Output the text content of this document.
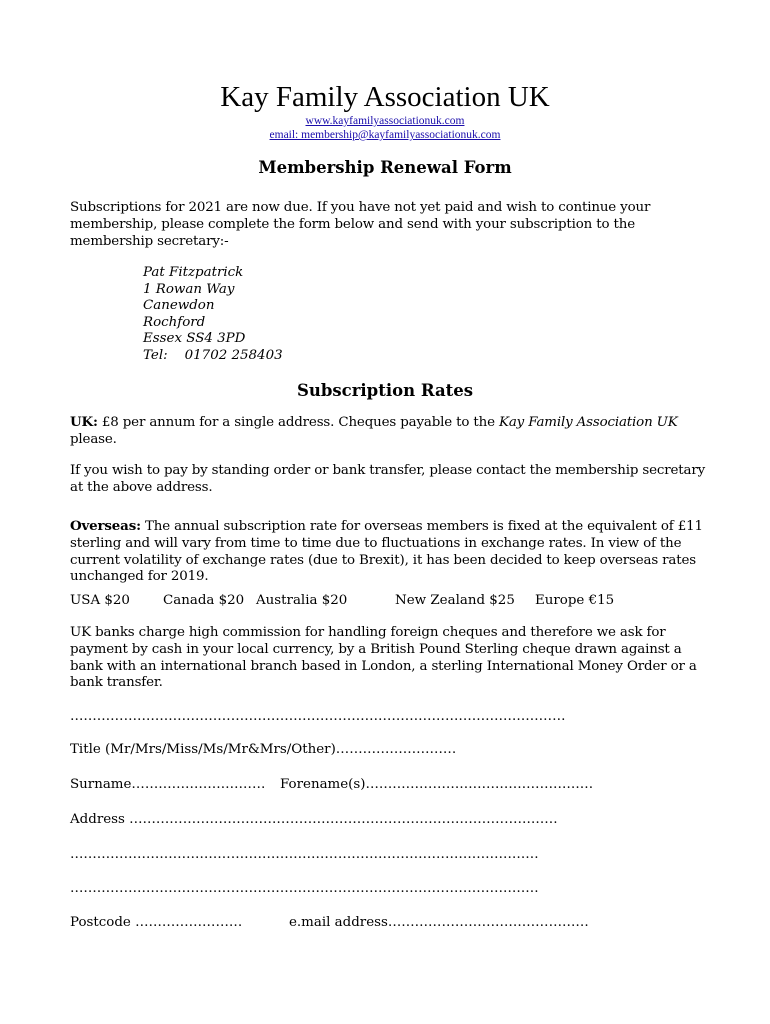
Kay Family Association UK
www.kayfamilyassociationuk.com
email: membership@kayfamilyassociationuk.com
Membership Renewal Form
Subscriptions for 2021 are now due. If you have not yet paid and wish to continue your membership, please complete the form below and send with your subscription to the membership secretary:-
Pat Fitzpatrick
1 Rowan Way
Canewdon
Rochford
Essex SS4 3PD
Tel:    01702 258403
Subscription Rates
UK: £8 per annum for a single address. Cheques payable to the Kay Family Association UK please.
If you wish to pay by standing order or bank transfer, please contact the membership secretary at the above address.
Overseas: The annual subscription rate for overseas members is fixed at the equivalent of £11 sterling and will vary from time to time due to fluctuations in exchange rates. In view of the current volatility of exchange rates (due to Brexit), it has been decided to keep overseas rates unchanged for 2019.
USA $20 Canada $20 Australia $20	New Zealand $25 Europe €15
UK banks charge high commission for handling foreign cheques and therefore we ask for payment by cash in your local currency, by a British Pound Sterling cheque drawn against a bank with an international branch based in London, a sterling International Money Order or a bank transfer.
…………………………………………………………………………………………………
Title (Mr/Mrs/Miss/Ms/Mr&Mrs/Other)………………………
Surname………………………… Forename(s)……………………………………………
Address ……………………………………………………………………………………
……………………………………………………………………………………………
……………………………………………………………………………………………
Postcode ……………………	e.mail address………………………………………
